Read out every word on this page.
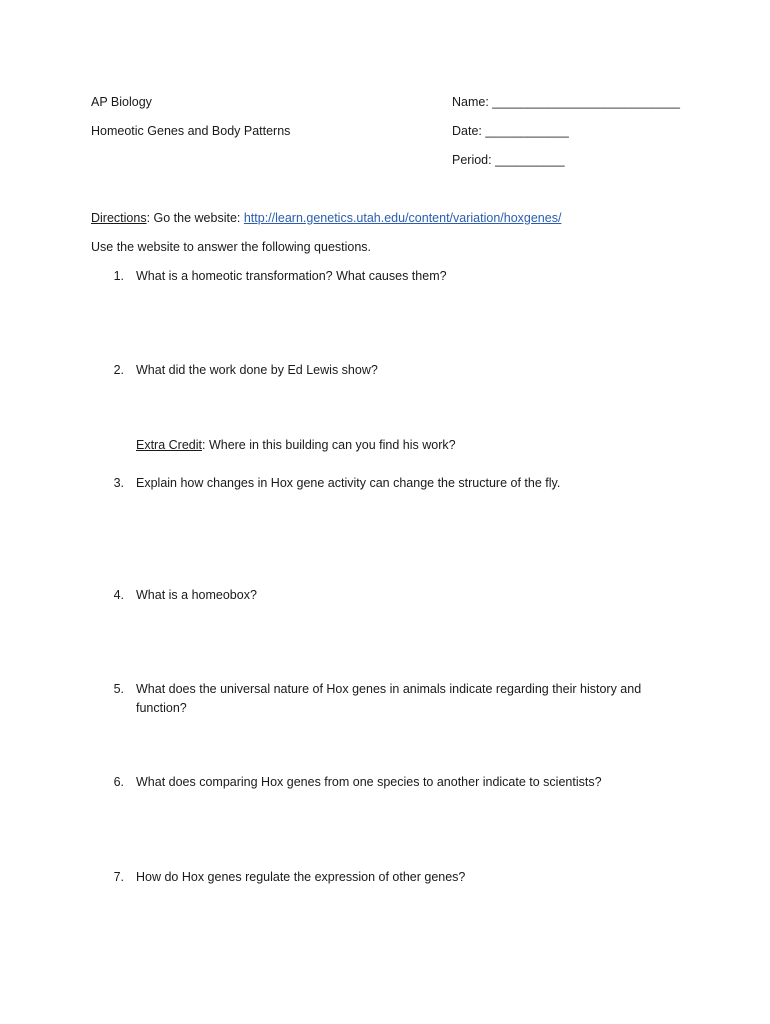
AP Biology
Homeotic Genes and Body Patterns
Name: ___________________________
Date: ____________
Period: __________
Directions: Go the website: http://learn.genetics.utah.edu/content/variation/hoxgenes/
Use the website to answer the following questions.
1. What is a homeotic transformation? What causes them?
2. What did the work done by Ed Lewis show?
Extra Credit: Where in this building can you find his work?
3. Explain how changes in Hox gene activity can change the structure of the fly.
4. What is a homeobox?
5. What does the universal nature of Hox genes in animals indicate regarding their history and function?
6. What does comparing Hox genes from one species to another indicate to scientists?
7. How do Hox genes regulate the expression of other genes?
